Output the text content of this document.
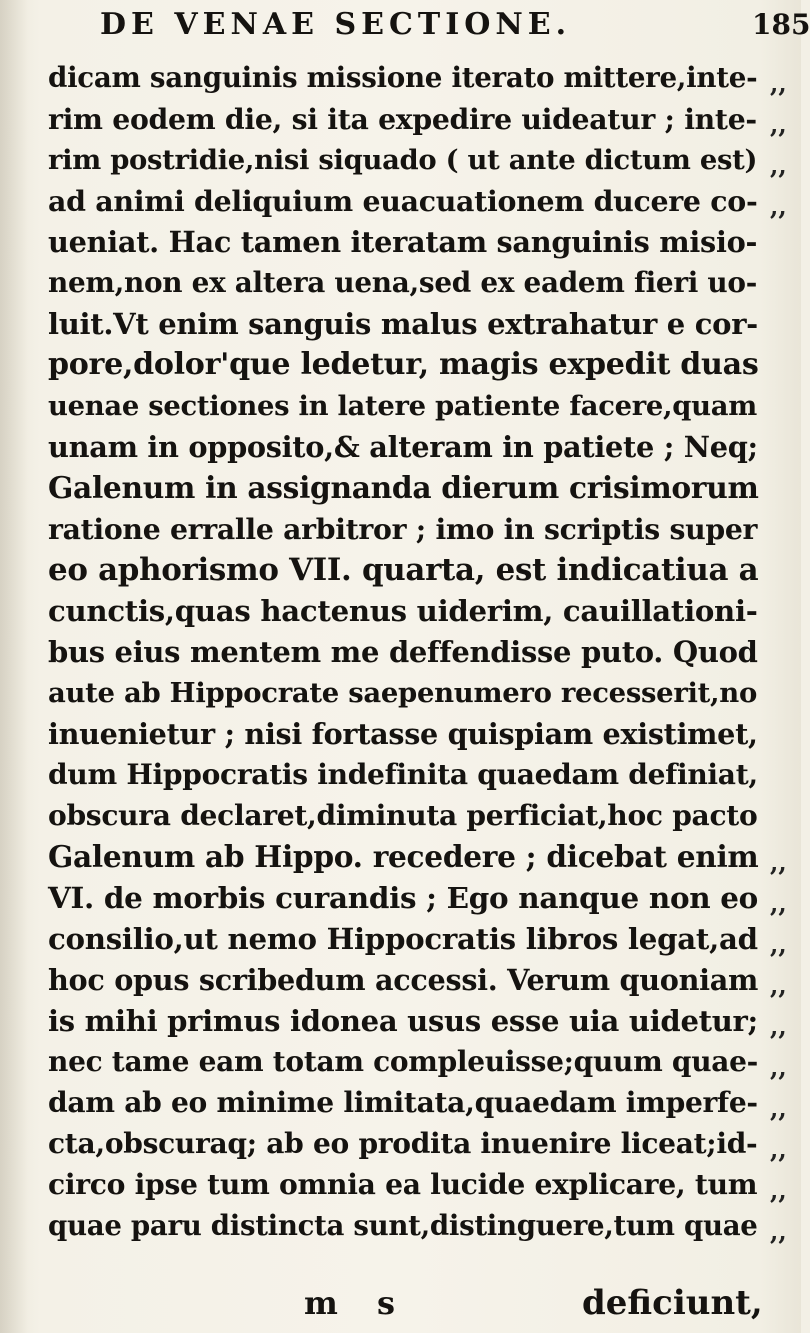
DE VENAE SECTIONE.	185
dicam sanguinis missione iterato mittere,inte- ,,
rim eodem die, si ita expedire uideatur ; inte- ,,
rim postridie,nisi siquado ( ut ante dictum est) ,,
ad animi deliquium euacuationem ducere co- ,,
ueniat. Hac tamen iteratam sanguinis misio-
nem,non ex altera uena,sed ex eadem fieri uo-
luit.Vt enim sanguis malus extrahatur e cor-
pore,dolor'que ledetur, magis expedit duas
uenae sectiones in latere patiente facere,quam
unam in opposito,& alteram in patiete ; Neq;
Galenum in assignanda dierum crisimorum
ratione erralle arbitror ; imo in scriptis super
eo aphorismo VII. quarta, est indicatiua a
cunctis,quas hactenus uiderim, cauillationi-
bus eius mentem me deffendisse puto. Quod
aute ab Hippocrate saepenumero recesserit,no
inuenietur ; nisi fortasse quispiam existimet,
dum Hippocratis indefinita quaedam definiat,
obscura declaret,diminuta perficiat,hoc pacto
Galenum ab Hippo. recedere ; dicebat enim ,,
VI. de morbis curandis ; Ego nanque non eo ,,
consilio,ut nemo Hippocratis libros legat,ad ,,
hoc opus scribedum accessi. Verum quoniam ,,
is mihi primus idonea usus esse uia uidetur; ,,
nec tame eam totam compleuisse;quum quae- ,,
dam ab eo minime limitata,quaedam imperfe- ,,
cta,obscuraq; ab eo prodita inuenire liceat;id- ,,
circo ipse tum omnia ea lucide explicare, tum ,,
quae paru distincta sunt,distinguere,tum quae ,,
m s	deficiunt,
